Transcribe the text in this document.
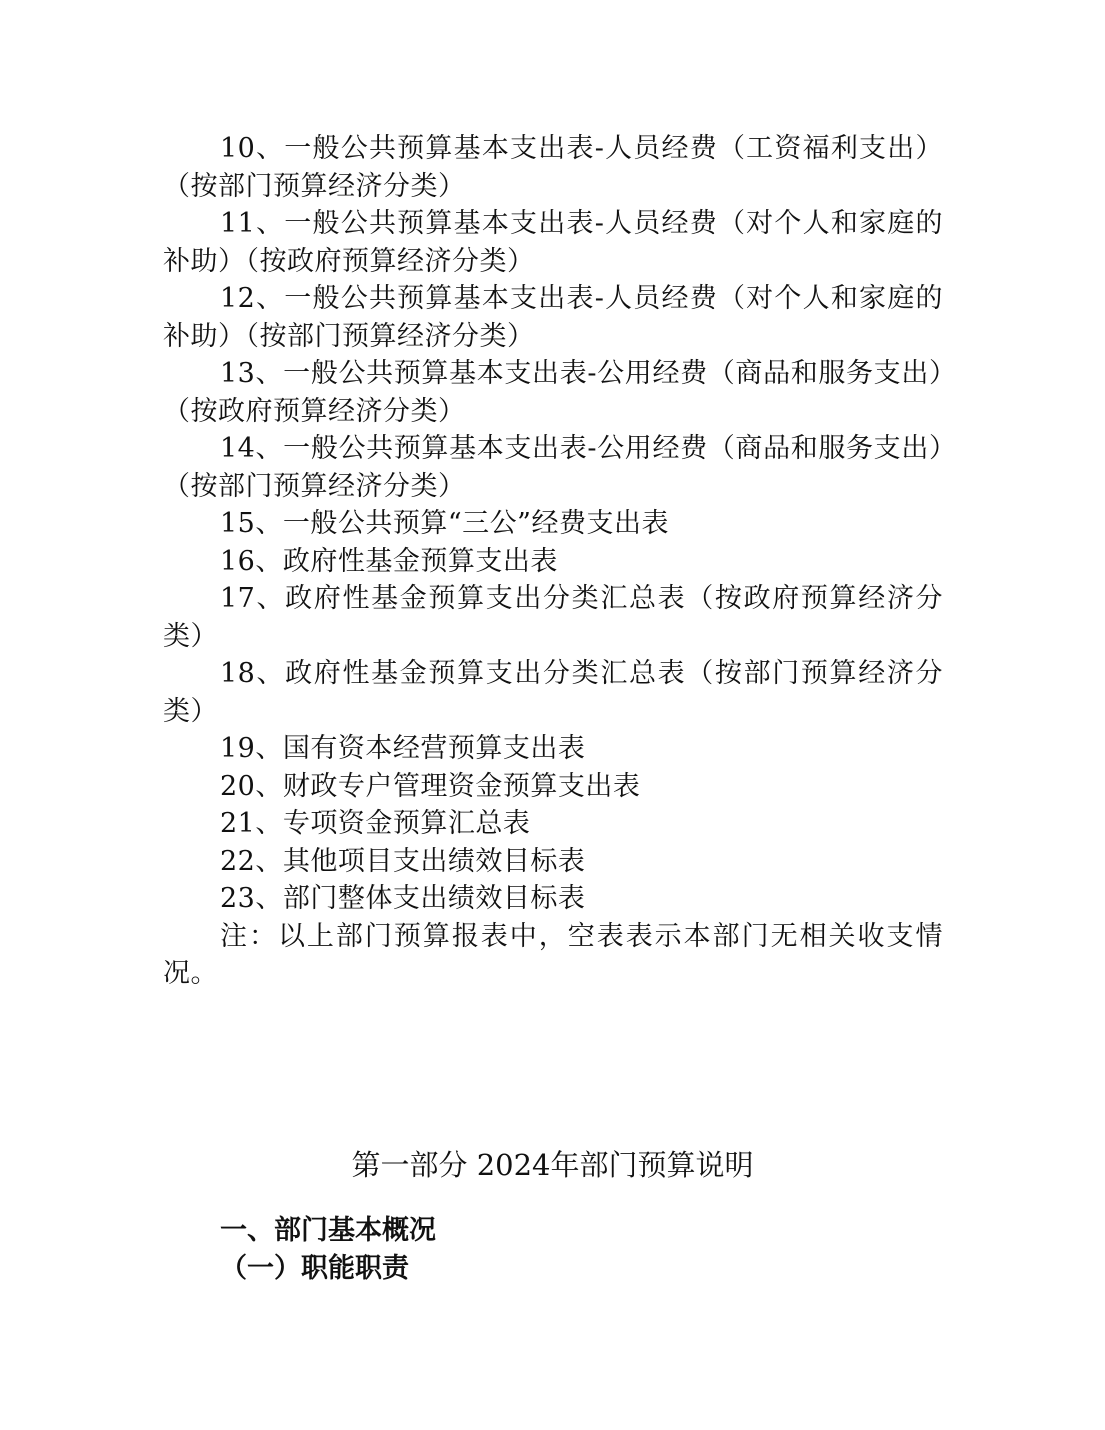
10、一般公共预算基本支出表-人员经费（工资福利支出）（按部门预算经济分类）

11、一般公共预算基本支出表-人员经费（对个人和家庭的补助）（按政府预算经济分类）

12、一般公共预算基本支出表-人员经费（对个人和家庭的补助）（按部门预算经济分类）

13、一般公共预算基本支出表-公用经费（商品和服务支出）（按政府预算经济分类）

14、一般公共预算基本支出表-公用经费（商品和服务支出）（按部门预算经济分类）

15、一般公共预算“三公”经费支出表

16、政府性基金预算支出表

17、政府性基金预算支出分类汇总表（按政府预算经济分类）

18、政府性基金预算支出分类汇总表（按部门预算经济分类）

19、国有资本经营预算支出表

20、财政专户管理资金预算支出表

21、专项资金预算汇总表

22、其他项目支出绩效目标表

23、部门整体支出绩效目标表

注：以上部门预算报表中，空表表示本部门无相关收支情况。

第一部分 2024年部门预算说明
一、部门基本概况
（一）职能职责
